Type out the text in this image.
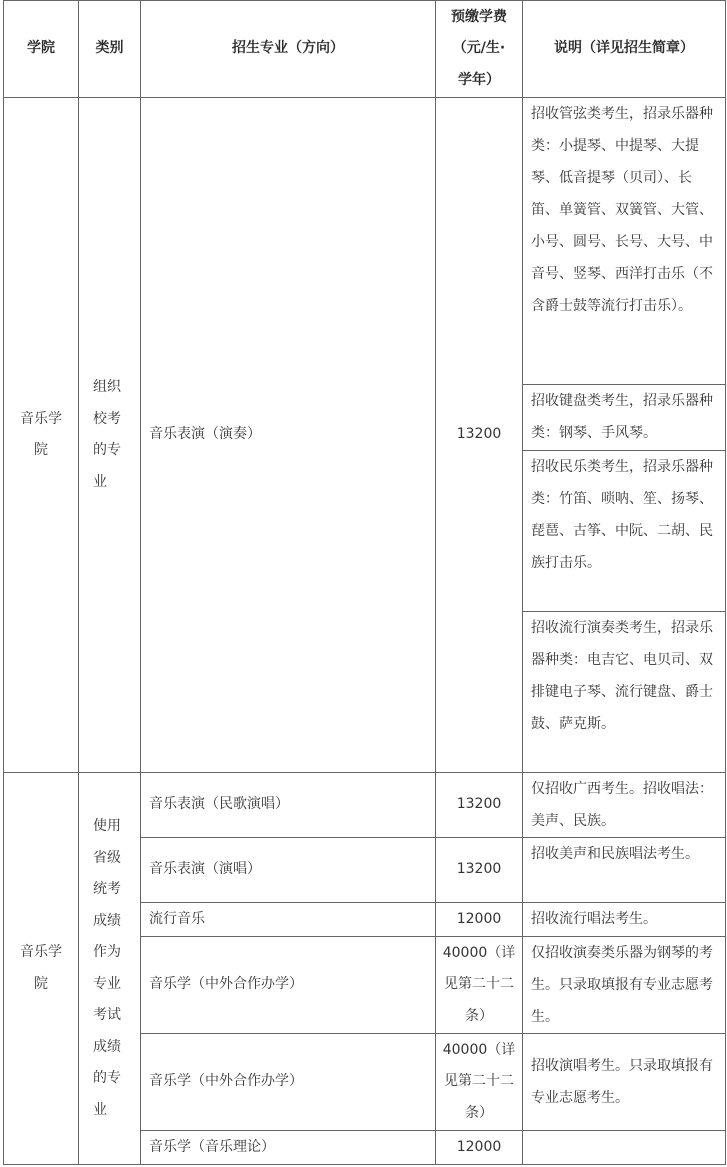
学院	类别	招生专业（方向）	预缴学费（元/生·学年）	说明（详见招生简章）
音乐学院	组织校考的专业	音乐表演（演奏）	13200	招收管弦类考生，招录乐器种类：小提琴、中提琴、大提琴、低音提琴（贝司）、长笛、单簧管、双簧管、大管、小号、圆号、长号、大号、中音号、竖琴、西洋打击乐（不含爵士鼓等流行打击乐）。
				招收键盘类考生，招录乐器种类：钢琴、手风琴。
				招收民乐类考生，招录乐器种类：竹笛、唢呐、笙、扬琴、琵琶、古筝、中阮、二胡、民族打击乐。
				招收流行演奏类考生，招录乐器种类：电吉它、电贝司、双排键电子琴、流行键盘、爵士鼓、萨克斯。
音乐学院	使用省级统考成绩作为专业考试成绩的专业	音乐表演（民歌演唱）	13200	仅招收广西考生。招收唱法：美声、民族。
		音乐表演（演唱）	13200	招收美声和民族唱法考生。
		流行音乐	12000	招收流行唱法考生。
		音乐学（中外合作办学）	40000（详见第二十二条）	仅招收演奏类乐器为钢琴的考生。只录取填报有专业志愿考生。
		音乐学（中外合作办学）	40000（详见第二十二条）	招收演唱考生。只录取填报有专业志愿考生。
		音乐学（音乐理论）	12000	
